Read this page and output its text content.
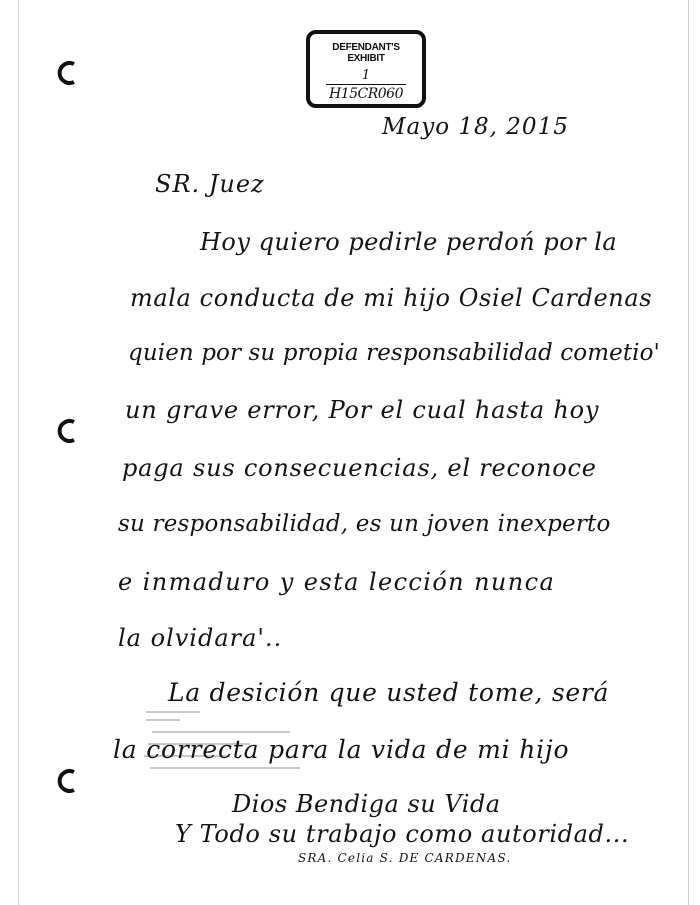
DEFENDANT'S
EXHIBIT
1
H15CR060
Mayo 18, 2015
SR. Juez
Hoy quiero pedirle perdoń por la
mala conducta de mi hijo Osiel Cardenas
quien por su propia responsabilidad cometio'
un grave error, Por el cual hasta hoy
paga sus consecuencias, el reconoce
su responsabilidad, es un joven inexperto
e inmaduro y esta lección nunca
la olvidara'..
La desición que usted tome, será
la correcta para la vida de mi hijo
Dios Bendiga su Vida
Y Todo su trabajo como autoridad...
SRA. Celia S. DE CARDENAS.
